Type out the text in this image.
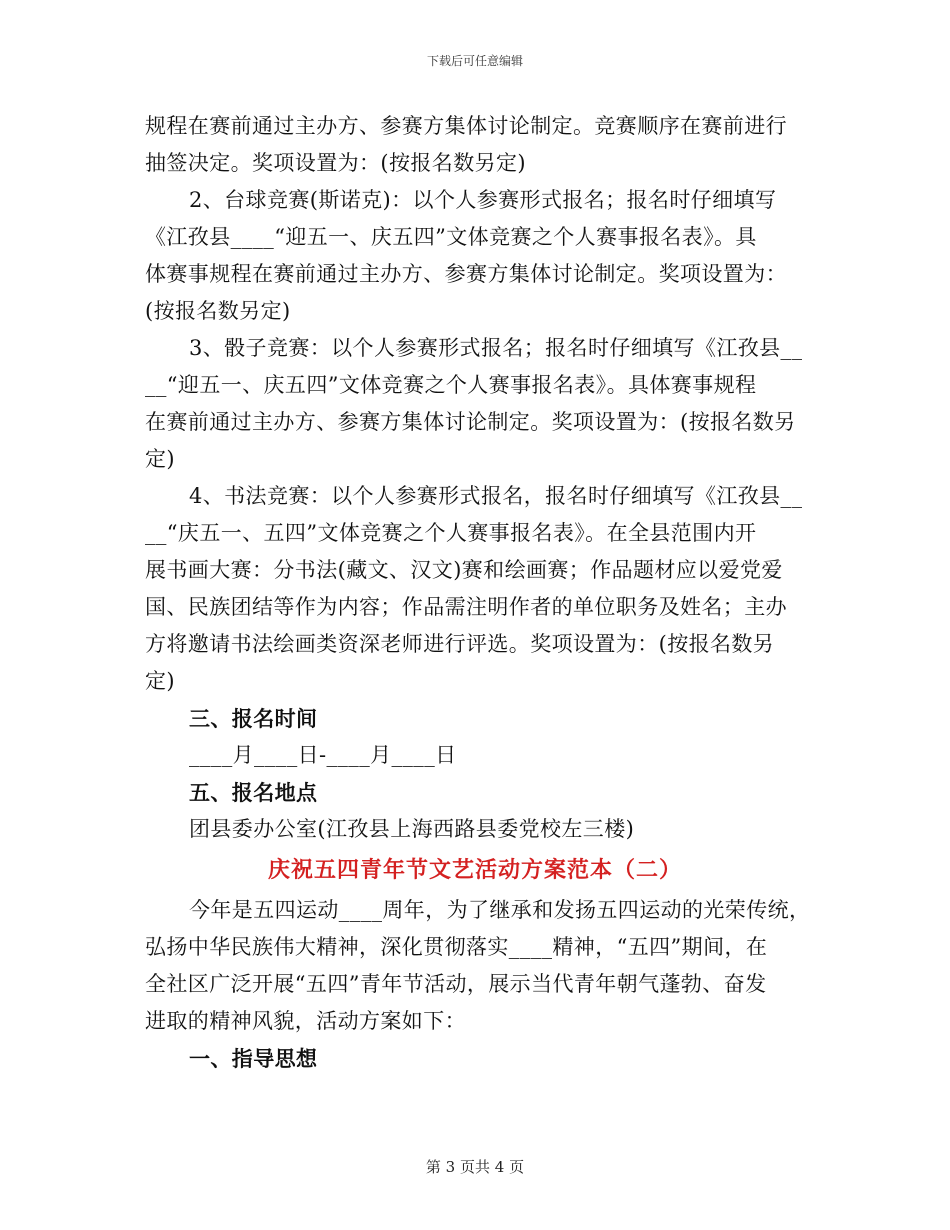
下载后可任意编辑
规程在赛前通过主办方、参赛方集体讨论制定。竞赛顺序在赛前进行
抽签决定。奖项设置为：(按报名数另定)
2、台球竞赛(斯诺克)：以个人参赛形式报名；报名时仔细填写
《江孜县____“迎五一、庆五四”文体竞赛之个人赛事报名表》。具
体赛事规程在赛前通过主办方、参赛方集体讨论制定。奖项设置为：
(按报名数另定)
3、骰子竞赛：以个人参赛形式报名；报名时仔细填写《江孜县__
__“迎五一、庆五四”文体竞赛之个人赛事报名表》。具体赛事规程
在赛前通过主办方、参赛方集体讨论制定。奖项设置为：(按报名数另
定)
4、书法竞赛：以个人参赛形式报名，报名时仔细填写《江孜县__
__“庆五一、五四”文体竞赛之个人赛事报名表》。在全县范围内开
展书画大赛：分书法(藏文、汉文)赛和绘画赛；作品题材应以爱党爱
国、民族团结等作为内容；作品需注明作者的单位职务及姓名；主办
方将邀请书法绘画类资深老师进行评选。奖项设置为：(按报名数另
定)
三、报名时间
____月____日-____月____日
五、报名地点
团县委办公室(江孜县上海西路县委党校左三楼)
庆祝五四青年节文艺活动方案范本（二）
今年是五四运动____周年，为了继承和发扬五四运动的光荣传统，
弘扬中华民族伟大精神，深化贯彻落实____精神，“五四”期间，在
全社区广泛开展“五四”青年节活动，展示当代青年朝气蓬勃、奋发
进取的精神风貌，活动方案如下：
一、指导思想
第 3 页共 4 页
